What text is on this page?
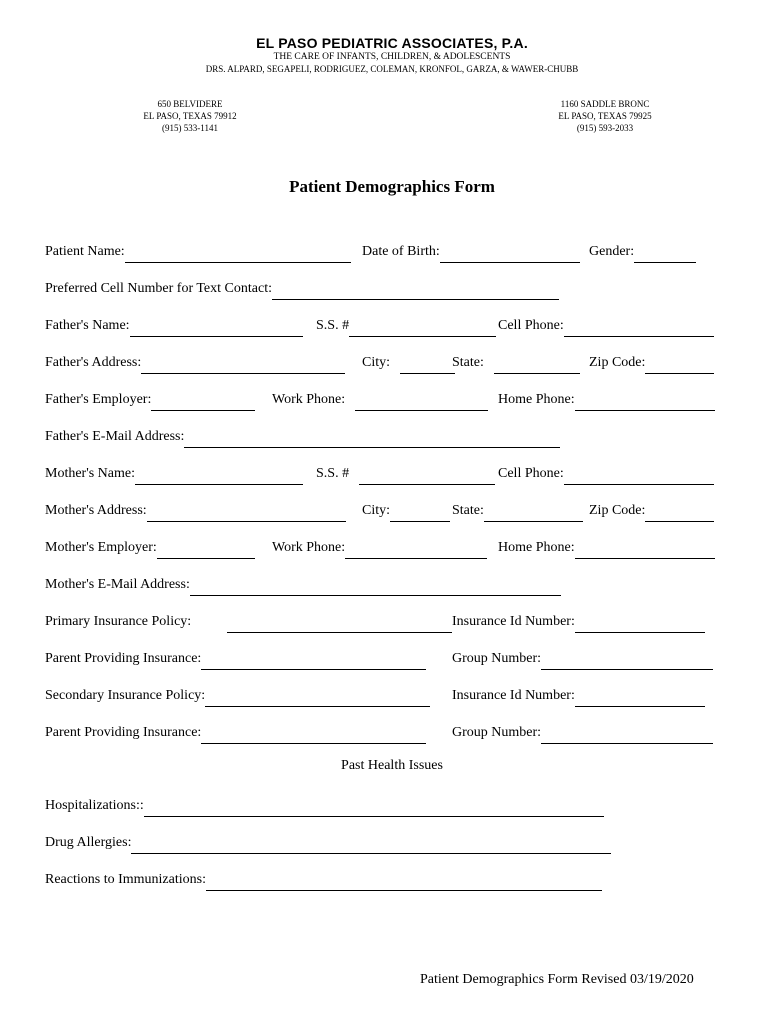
EL PASO PEDIATRIC ASSOCIATES, P.A.
THE CARE OF INFANTS, CHILDREN, & ADOLESCENTS
DRS. ALPARD, SEGAPELI, RODRIGUEZ, COLEMAN, KRONFOL, GARZA, & WAWER-CHUBB
650 BELVIDERE
EL PASO, TEXAS 79912
(915) 533-1141
1160 SADDLE BRONC
EL PASO, TEXAS 79925
(915) 593-2033
Patient Demographics Form
Patient Name:	Date of Birth:	Gender:
Preferred Cell Number for Text Contact:
Father's Name:	S.S. #	Cell Phone:
Father's Address:	City:	State:	Zip Code:
Father's Employer:	Work Phone:	Home Phone:
Father's E-Mail Address:
Mother's Name:	S.S. #	Cell Phone:
Mother's Address:	City:	State:	Zip Code:
Mother's Employer:	Work Phone:	Home Phone:
Mother's E-Mail Address:
Primary Insurance Policy:	Insurance Id Number:
Parent Providing Insurance:	Group Number:
Secondary Insurance Policy:	Insurance Id Number:
Parent Providing Insurance:	Group Number:
Past Health Issues
Hospitalizations::
Drug Allergies:
Reactions to Immunizations:
Patient Demographics Form Revised 03/19/2020
